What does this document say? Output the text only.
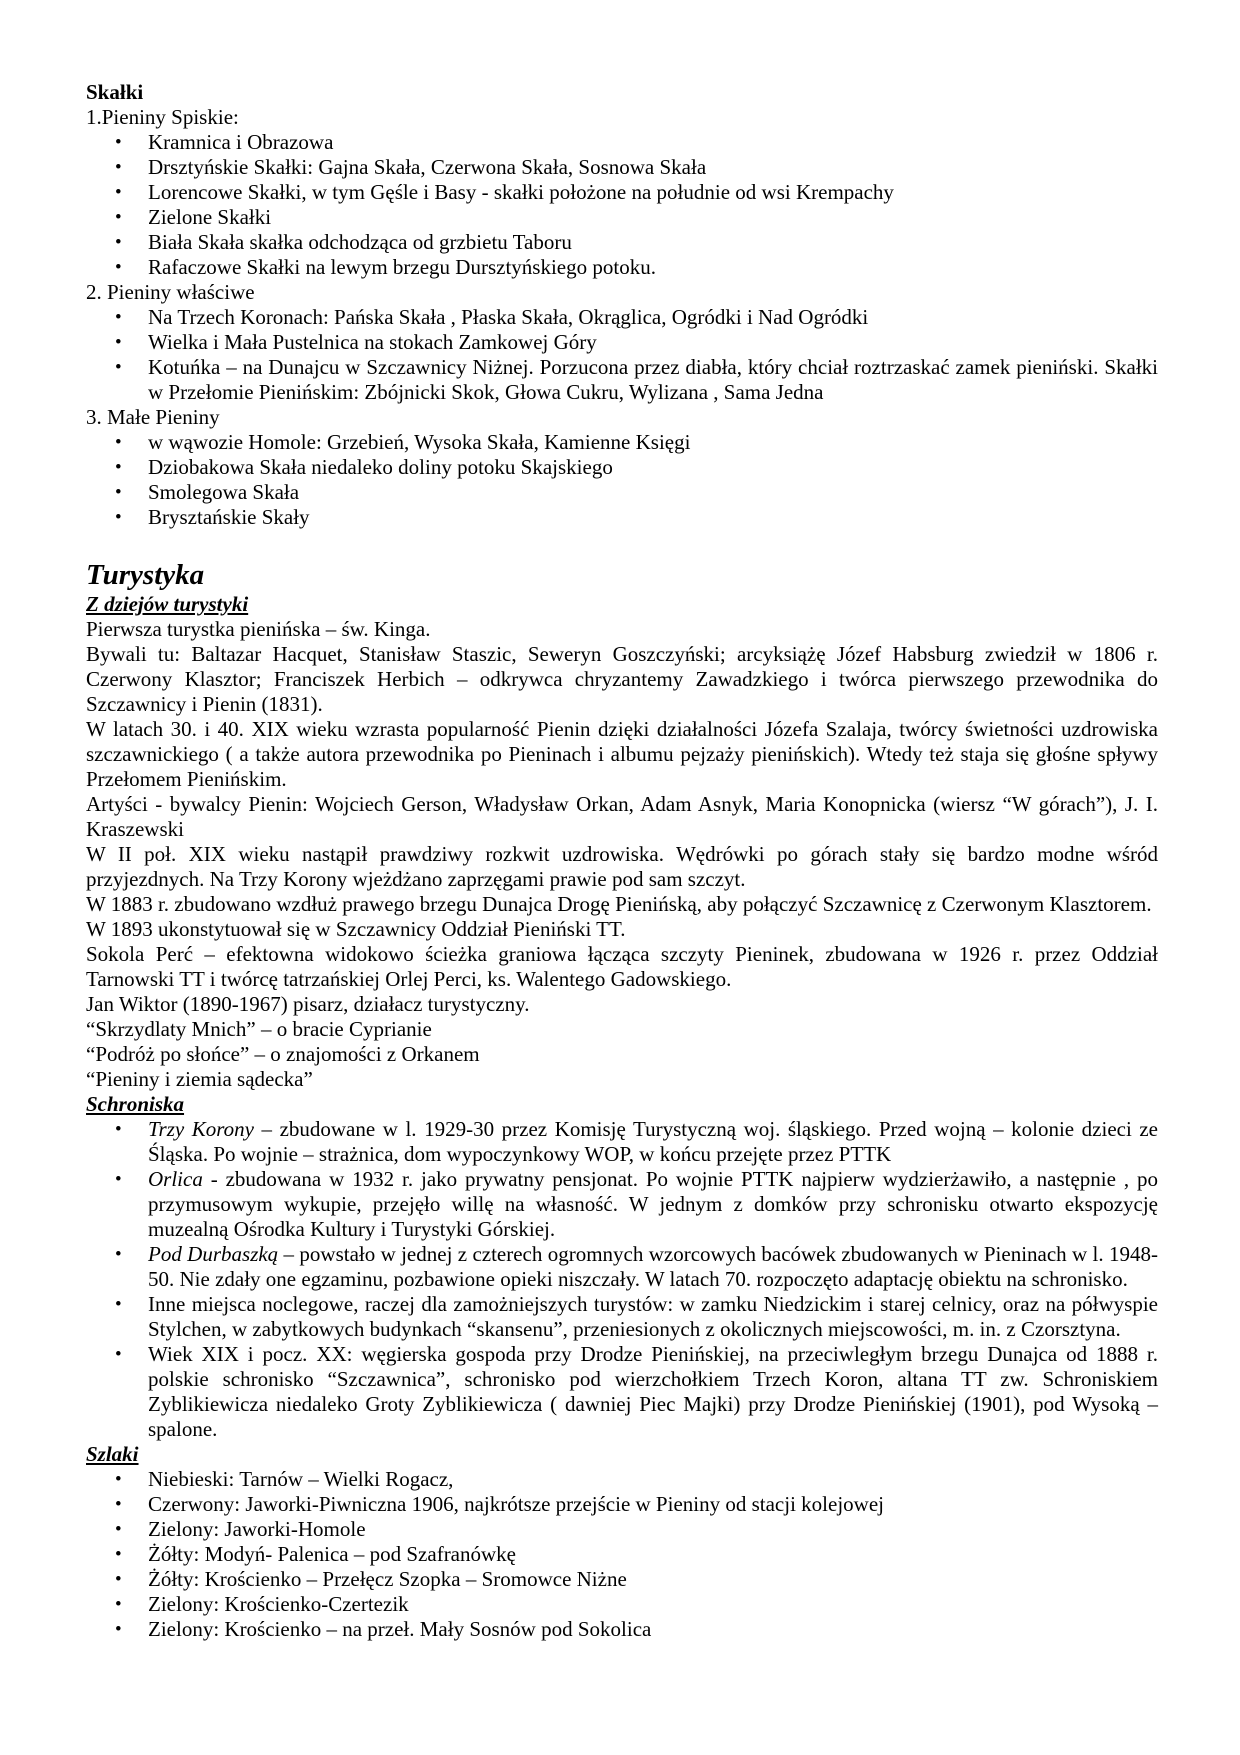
Skałki

1.Pieniny Spiskie:

•	Kramnica i Obrazowa
•	Drsztyńskie Skałki: Gajna Skała, Czerwona Skała, Sosnowa Skała
•	Lorencowe Skałki, w tym Gęśle i Basy - skałki położone na południe od wsi Krempachy
•	Zielone Skałki
•	Biała Skała skałka odchodząca od grzbietu Taboru
•	Rafaczowe Skałki na lewym brzegu Dursztyńskiego potoku.

2. Pieniny właściwe

•	Na Trzech Koronach: Pańska Skała , Płaska Skała, Okrąglica, Ogródki i Nad Ogródki
•	Wielka i Mała Pustelnica na stokach Zamkowej Góry
•	Kotuńka – na Dunajcu w Szczawnicy Niżnej. Porzucona przez diabła, który chciał roztrzaskać zamek pieniński. Skałki w Przełomie Pienińskim: Zbójnicki Skok, Głowa Cukru, Wylizana , Sama Jedna

3. Małe Pieniny

•	w wąwozie Homole: Grzebień, Wysoka Skała, Kamienne Księgi
•	Dziobakowa Skała niedaleko doliny potoku Skajskiego
•	Smolegowa Skała
•	Brysztańskie Skały

Turystyka

Z dziejów turystyki

Pierwsza turystka pienińska – św. Kinga.

Bywali tu: Baltazar Hacquet, Stanisław Staszic, Seweryn Goszczyński; arcyksiążę Józef Habsburg zwiedził w 1806 r. Czerwony Klasztor; Franciszek Herbich – odkrywca chryzantemy Zawadzkiego i twórca pierwszego przewodnika do Szczawnicy i Pienin (1831).

W latach 30. i 40. XIX wieku wzrasta popularność Pienin dzięki działalności Józefa Szalaja, twórcy świetności uzdrowiska szczawnickiego ( a także autora przewodnika po Pieninach i albumu pejzaży pienińskich). Wtedy też staja się głośne spływy Przełomem Pienińskim.

Artyści - bywalcy Pienin: Wojciech Gerson, Władysław Orkan, Adam Asnyk, Maria Konopnicka (wiersz “W górach”), J. I. Kraszewski

W II poł. XIX wieku nastąpił prawdziwy rozkwit uzdrowiska. Wędrówki po górach stały się bardzo modne wśród przyjezdnych. Na Trzy Korony wjeżdżano zaprzęgami prawie pod sam szczyt.

W 1883 r. zbudowano wzdłuż prawego brzegu Dunajca Drogę Pienińską, aby połączyć Szczawnicę z Czerwonym Klasztorem.

W 1893 ukonstytuował się w Szczawnicy Oddział Pieniński TT.

Sokola Perć – efektowna widokowo ścieżka graniowa łącząca szczyty Pieninek, zbudowana w 1926 r. przez Oddział Tarnowski TT i twórcę tatrzańskiej Orlej Perci, ks. Walentego Gadowskiego.

Jan Wiktor (1890-1967) pisarz, działacz turystyczny.

“Skrzydlaty Mnich” – o bracie Cyprianie

“Podróż po słońce” – o znajomości z Orkanem

“Pieniny i ziemia sądecka”

Schroniska

•	Trzy Korony – zbudowane w l. 1929-30 przez Komisję Turystyczną woj. śląskiego. Przed wojną – kolonie dzieci ze Śląska. Po wojnie – strażnica, dom wypoczynkowy WOP, w końcu przejęte przez PTTK
•	Orlica - zbudowana w 1932 r. jako prywatny pensjonat. Po wojnie PTTK najpierw wydzierżawiło, a następnie , po przymusowym wykupie, przejęło willę na własność. W jednym z domków przy schronisku otwarto ekspozycję muzealną Ośrodka Kultury i Turystyki Górskiej.
•	Pod Durbaszką – powstało w jednej z czterech ogromnych wzorcowych bacówek zbudowanych w Pieninach w l. 1948-50. Nie zdały one egzaminu, pozbawione opieki niszczały. W latach 70. rozpoczęto adaptację obiektu na schronisko.
•	Inne miejsca noclegowe, raczej dla zamożniejszych turystów: w zamku Niedzickim i starej celnicy, oraz na półwyspie Stylchen, w zabytkowych budynkach “skansenu”, przeniesionych z okolicznych miejscowości, m. in. z Czorsztyna.
•	Wiek XIX i pocz. XX: węgierska gospoda przy Drodze Pienińskiej, na przeciwległym brzegu Dunajca od 1888 r. polskie schronisko “Szczawnica”, schronisko pod wierzchołkiem Trzech Koron, altana TT zw. Schroniskiem Zyblikiewicza niedaleko Groty Zyblikiewicza ( dawniej Piec Majki) przy Drodze Pienińskiej (1901), pod Wysoką – spalone.

Szlaki

•	Niebieski: Tarnów – Wielki Rogacz,
•	Czerwony: Jaworki-Piwniczna 1906, najkrótsze przejście w Pieniny od stacji kolejowej
•	Zielony: Jaworki-Homole
•	Żółty: Modyń- Palenica – pod Szafranówkę
•	Żółty: Krościenko – Przełęcz Szopka – Sromowce Niżne
•	Zielony: Krościenko-Czertezik
•	Zielony: Krościenko – na przeł. Mały Sosnów pod Sokolica
